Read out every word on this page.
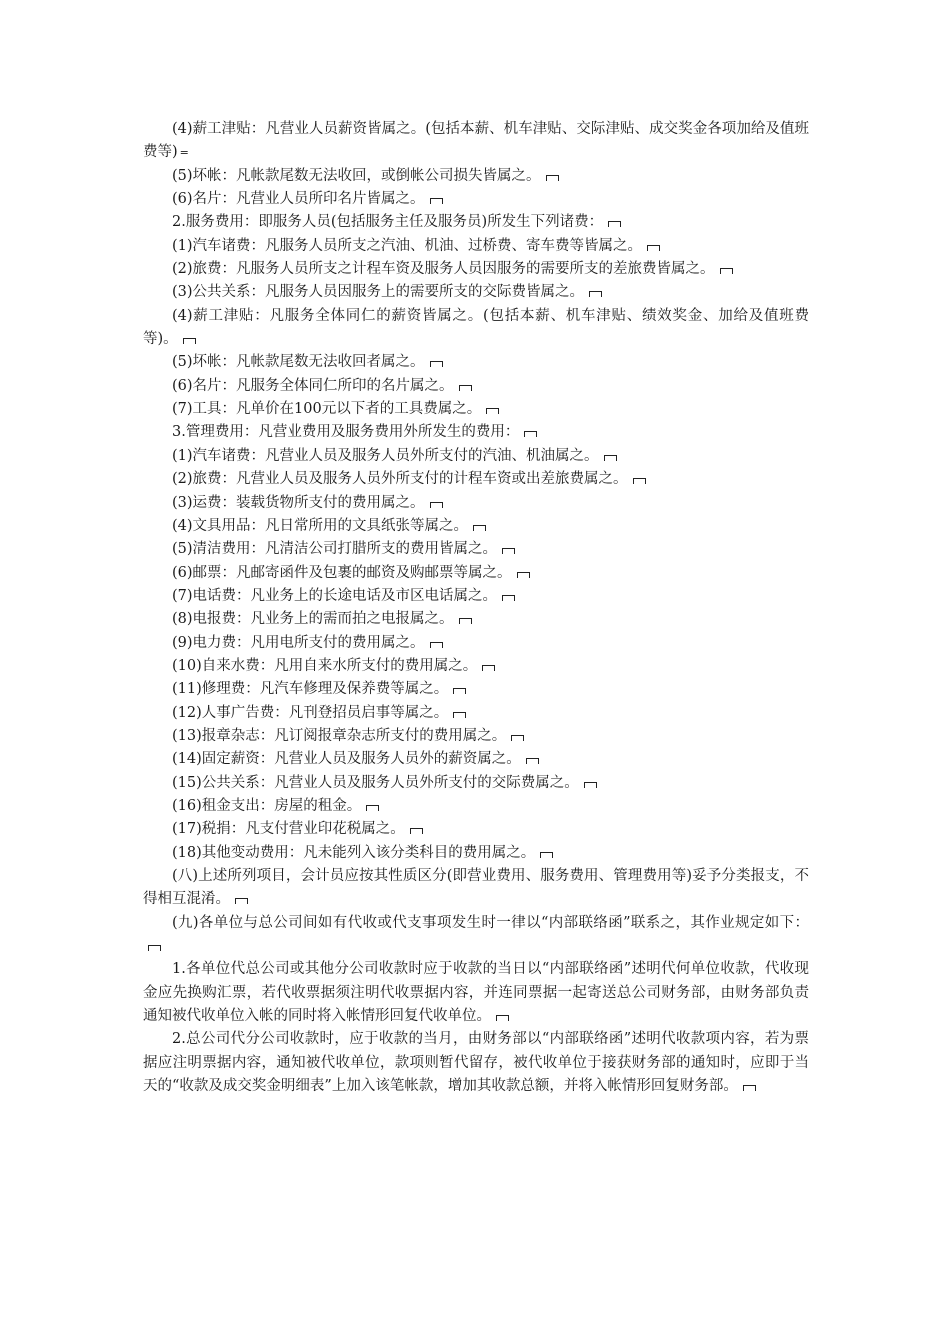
(4)薪工津贴：凡营业人员薪资皆属之。(包括本薪、机车津贴、交际津贴、成交奖金各项加给及值班费等) =

(5)坏帐：凡帐款尾数无法收回，或倒帐公司损失皆属之。

(6)名片：凡营业人员所印名片皆属之。

2.服务费用：即服务人员(包括服务主任及服务员)所发生下列诸费：

(1)汽车诸费：凡服务人员所支之汽油、机油、过桥费、寄车费等皆属之。

(2)旅费：凡服务人员所支之计程车资及服务人员因服务的需要所支的差旅费皆属之。

(3)公共关系：凡服务人员因服务上的需要所支的交际费皆属之。

(4)薪工津贴：凡服务全体同仁的薪资皆属之。(包括本薪、机车津贴、绩效奖金、加给及值班费等)。

(5)坏帐：凡帐款尾数无法收回者属之。

(6)名片：凡服务全体同仁所印的名片属之。

(7)工具：凡单价在100元以下者的工具费属之。

3.管理费用：凡营业费用及服务费用外所发生的费用：

(1)汽车诸费：凡营业人员及服务人员外所支付的汽油、机油属之。

(2)旅费：凡营业人员及服务人员外所支付的计程车资或出差旅费属之。

(3)运费：装载货物所支付的费用属之。

(4)文具用品：凡日常所用的文具纸张等属之。

(5)清洁费用：凡清洁公司打腊所支的费用皆属之。

(6)邮票：凡邮寄函件及包裹的邮资及购邮票等属之。

(7)电话费：凡业务上的长途电话及市区电话属之。

(8)电报费：凡业务上的需而拍之电报属之。

(9)电力费：凡用电所支付的费用属之。

(10)自来水费：凡用自来水所支付的费用属之。

(11)修理费：凡汽车修理及保养费等属之。

(12)人事广告费：凡刊登招员启事等属之。

(13)报章杂志：凡订阅报章杂志所支付的费用属之。

(14)固定薪资：凡营业人员及服务人员外的薪资属之。

(15)公共关系：凡营业人员及服务人员外所支付的交际费属之。

(16)租金支出：房屋的租金。

(17)税捐：凡支付营业印花税属之。

(18)其他变动费用：凡未能列入该分类科目的费用属之。

(八)上述所列项目，会计员应按其性质区分(即营业费用、服务费用、管理费用等)妥予分类报支，不得相互混淆。

(九)各单位与总公司间如有代收或代支事项发生时一律以“内部联络函”联系之，其作业规定如下：

1.各单位代总公司或其他分公司收款时应于收款的当日以“内部联络函”述明代何单位收款，代收现金应先换购汇票，若代收票据须注明代收票据内容，并连同票据一起寄送总公司财务部，由财务部负责通知被代收单位入帐的同时将入帐情形回复代收单位。

2.总公司代分公司收款时，应于收款的当月，由财务部以“内部联络函”述明代收款项内容，若为票据应注明票据内容，通知被代收单位，款项则暂代留存，被代收单位于接获财务部的通知时，应即于当天的“收款及成交奖金明细表”上加入该笔帐款，增加其收款总额，并将入帐情形回复财务部。
